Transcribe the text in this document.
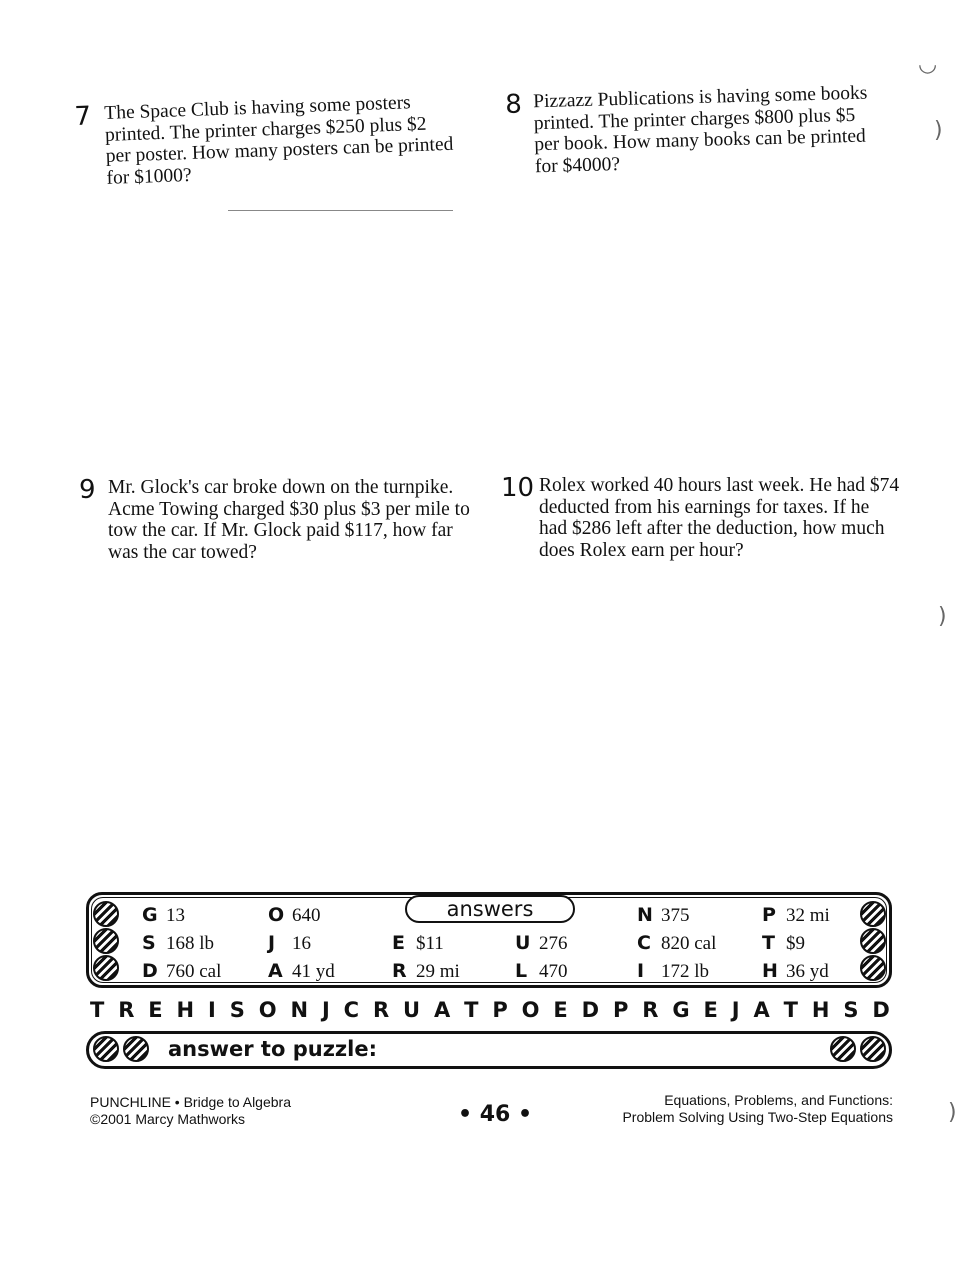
7 The Space Club is having some posters printed. The printer charges $250 plus $2 per poster. How many posters can be printed for $1000?

8 Pizzazz Publications is having some books printed. The printer charges $800 plus $5 per book. How many books can be printed for $4000?

9 Mr. Glock's car broke down on the turnpike. Acme Towing charged $30 plus $3 per mile to tow the car. If Mr. Glock paid $117, how far was the car towed?

10 Rolex worked 40 hours last week. He had $74 deducted from his earnings for taxes. If he had $286 left after the deduction, how much does Rolex earn per hour?

◡
)
)
)
answers
G 13
S 168 lb
D 760 cal
O 640
J 16
A 41 yd
E $11
R 29 mi
U 276
L 470
N 375
C 820 cal
I 172 lb
P 32 mi
T $9
H 36 yd
T R E H I S O N J C R U A T P O E D P R G E J A T H S D
answer to puzzle:
PUNCHLINE • Bridge to Algebra
©2001 Marcy Mathworks	• 46 •
Equations, Problems, and Functions:
Problem Solving Using Two-Step Equations
